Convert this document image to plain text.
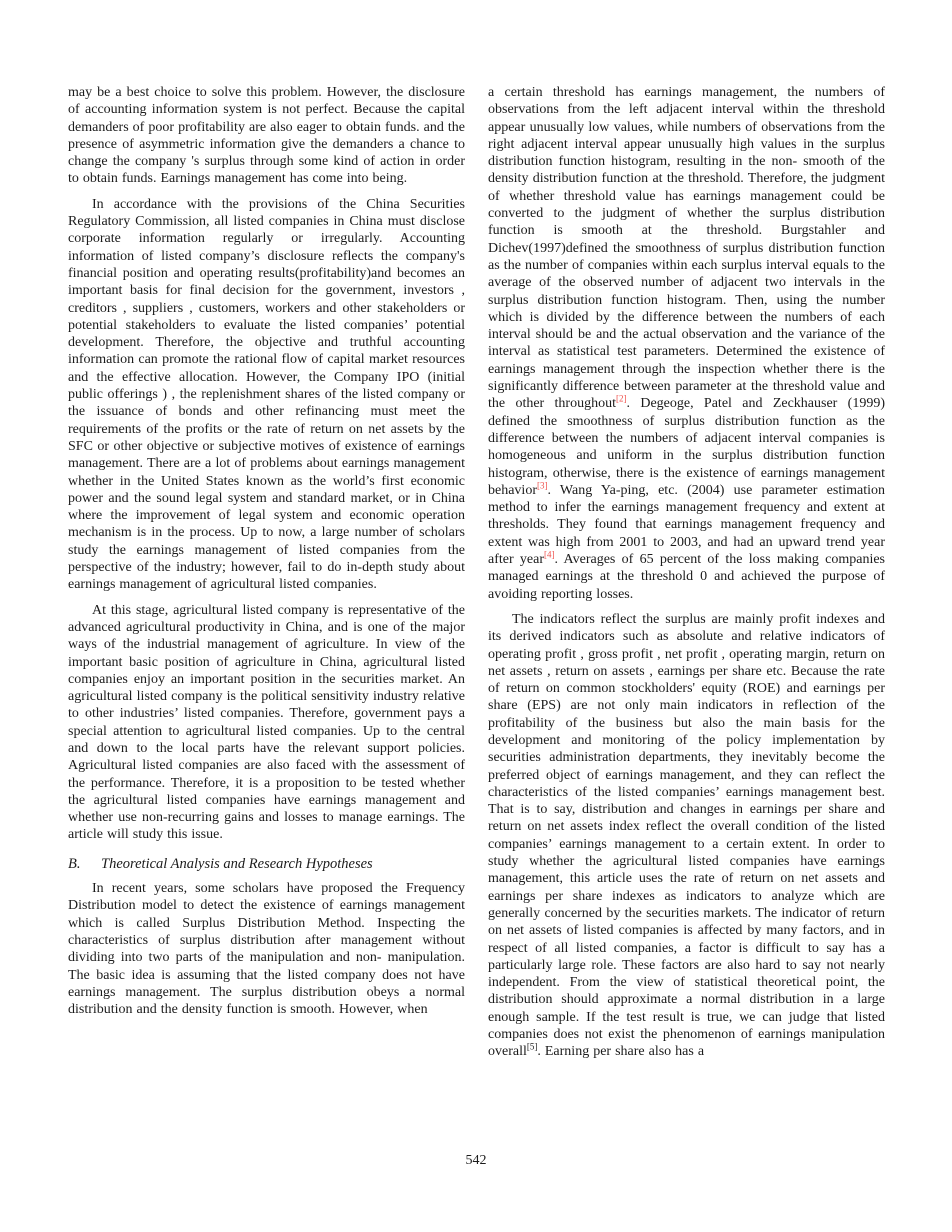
may be a best choice to solve this problem. However, the disclosure of accounting information system is not perfect. Because the capital demanders of poor profitability are also eager to obtain funds. and the presence of asymmetric information give the demanders a chance to change the company 's surplus through some kind of action in order to obtain funds. Earnings management has come into being.

In accordance with the provisions of the China Securities Regulatory Commission, all listed companies in China must disclose corporate information regularly or irregularly. Accounting information of listed company’s disclosure reflects the company's financial position and operating results(profitability)and becomes an important basis for final decision for the government, investors , creditors , suppliers , customers, workers and other stakeholders or potential stakeholders to evaluate the listed companies’ potential development. Therefore, the objective and truthful accounting information can promote the rational flow of capital market resources and the effective allocation. However, the Company IPO (initial public offerings ) , the replenishment shares of the listed company or the issuance of bonds and other refinancing must meet the requirements of the profits or the rate of return on net assets by the SFC or other objective or subjective motives of existence of earnings management. There are a lot of problems about earnings management whether in the United States known as the world’s first economic power and the sound legal system and standard market, or in China where the improvement of legal system and economic operation mechanism is in the process. Up to now, a large number of scholars study the earnings management of listed companies from the perspective of the industry; however, fail to do in-depth study about earnings management of agricultural listed companies.

At this stage, agricultural listed company is representative of the advanced agricultural productivity in China, and is one of the major ways of the industrial management of agriculture. In view of the important basic position of agriculture in China, agricultural listed companies enjoy an important position in the securities market. An agricultural listed company is the political sensitivity industry relative to other industries’ listed companies. Therefore, government pays a special attention to agricultural listed companies. Up to the central and down to the local parts have the relevant support policies. Agricultural listed companies are also faced with the assessment of the performance. Therefore, it is a proposition to be tested whether the agricultural listed companies have earnings management and whether use non-recurring gains and losses to manage earnings. The article will study this issue.

B. Theoretical Analysis and Research Hypotheses

In recent years, some scholars have proposed the Frequency Distribution model to detect the existence of earnings management which is called Surplus Distribution Method. Inspecting the characteristics of surplus distribution after management without dividing into two parts of the manipulation and non- manipulation. The basic idea is assuming that the listed company does not have earnings management. The surplus distribution obeys a normal distribution and the density function is smooth. However, when

a certain threshold has earnings management, the numbers of observations from the left adjacent interval within the threshold appear unusually low values, while numbers of observations from the right adjacent interval appear unusually high values in the surplus distribution function histogram, resulting in the non- smooth of the density distribution function at the threshold. Therefore, the judgment of whether threshold value has earnings management could be converted to the judgment of whether the surplus distribution function is smooth at the threshold. Burgstahler and Dichev(1997)defined the smoothness of surplus distribution function as the number of companies within each surplus interval equals to the average of the observed number of adjacent two intervals in the surplus distribution function histogram. Then, using the number which is divided by the difference between the numbers of each interval should be and the actual observation and the variance of the interval as statistical test parameters. Determined the existence of earnings management through the inspection whether there is the significantly difference between parameter at the threshold value and the other throughout[2]. Degeoge, Patel and Zeckhauser (1999) defined the smoothness of surplus distribution function as the difference between the numbers of adjacent interval companies is homogeneous and uniform in the surplus distribution function histogram, otherwise, there is the existence of earnings management behavior[3]. Wang Ya-ping, etc. (2004) use parameter estimation method to infer the earnings management frequency and extent at thresholds. They found that earnings management frequency and extent was high from 2001 to 2003, and had an upward trend year after year[4]. Averages of 65 percent of the loss making companies managed earnings at the threshold 0 and achieved the purpose of avoiding reporting losses.

The indicators reflect the surplus are mainly profit indexes and its derived indicators such as absolute and relative indicators of operating profit , gross profit , net profit , operating margin, return on net assets , return on assets , earnings per share etc. Because the rate of return on common stockholders' equity (ROE) and earnings per share (EPS) are not only main indicators in reflection of the profitability of the business but also the main basis for the development and monitoring of the policy implementation by securities administration departments, they inevitably become the preferred object of earnings management, and they can reflect the characteristics of the listed companies’ earnings management best. That is to say, distribution and changes in earnings per share and return on net assets index reflect the overall condition of the listed companies’ earnings management to a certain extent. In order to study whether the agricultural listed companies have earnings management, this article uses the rate of return on net assets and earnings per share indexes as indicators to analyze which are generally concerned by the securities markets. The indicator of return on net assets of listed companies is affected by many factors, and in respect of all listed companies, a factor is difficult to say has a particularly large role. These factors are also hard to say not nearly independent. From the view of statistical theoretical point, the distribution should approximate a normal distribution in a large enough sample. If the test result is true, we can judge that listed companies does not exist the phenomenon of earnings manipulation overall[5]. Earning per share also has a

542
